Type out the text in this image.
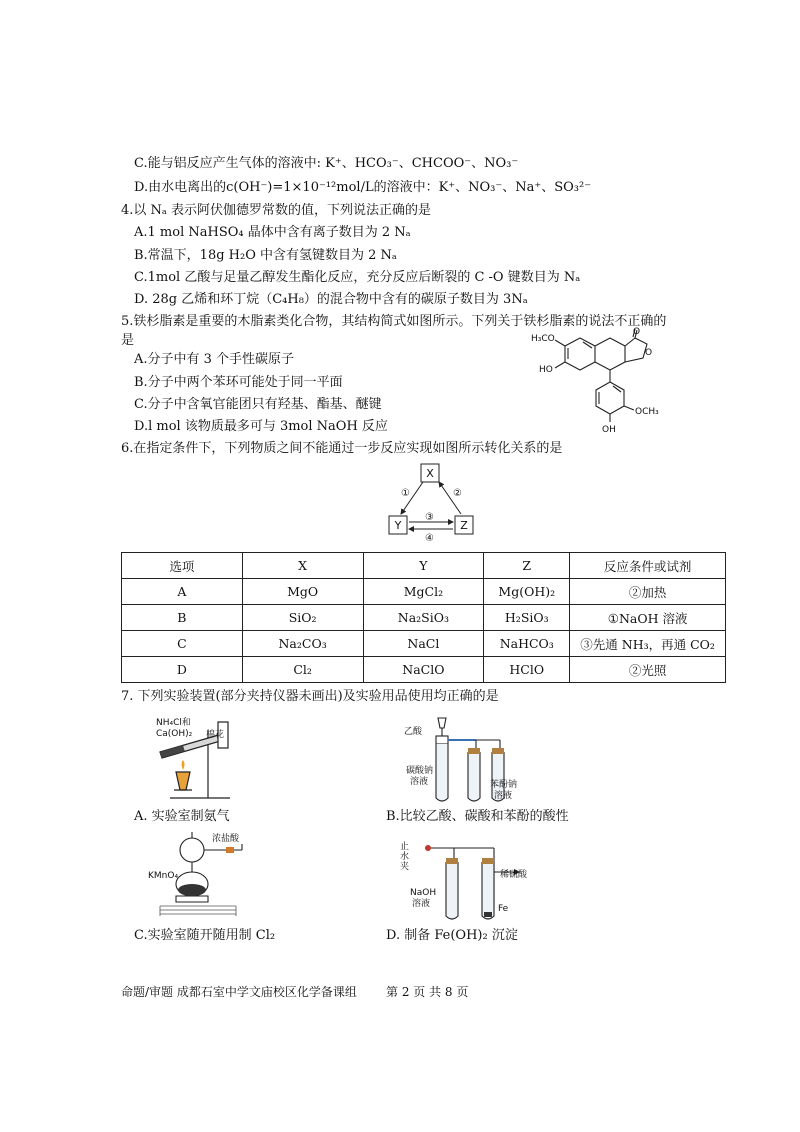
C.能与铝反应产生气体的溶液中: K⁺、HCO₃⁻、CHCOO⁻、NO₃⁻
D.由水电离出的c(OH⁻)=1×10⁻¹²mol/L的溶液中：K⁺、NO₃⁻、Na⁺、SO₃²⁻
4.以 Nₐ 表示阿伏伽德罗常数的值，下列说法正确的是
A.1 mol NaHSO₄ 晶体中含有离子数目为 2 Nₐ
B.常温下，18g H₂O 中含有氢键数目为 2 Nₐ
C.1mol 乙酸与足量乙醇发生酯化反应，充分反应后断裂的 C -O 键数目为 Nₐ
D. 28g 乙烯和环丁烷（C₄H₈）的混合物中含有的碳原子数目为 3Nₐ
5.铁杉脂素是重要的木脂素类化合物，其结构简式如图所示。下列关于铁杉脂素的说法不正确的
是
A.分子中有 3 个手性碳原子
B.分子中两个苯环可能处于同一平面
C.分子中含氧官能团只有羟基、酯基、醚键
D.l mol 该物质最多可与 3mol NaOH 反应
O
O
H₃CO
HO
OCH₃
OH
6.在指定条件下，下列物质之间不能通过一步反应实现如图所示转化关系的是
X
Y	Z
①	②
③
④
选项	X	Y	Z	反应条件或试剂
A	MgO	MgCl₂	Mg(OH)₂	②加热
B	SiO₂	Na₂SiO₃	H₂SiO₃	①NaOH 溶液
C	Na₂CO₃	NaCl	NaHCO₃	③先通 NH₃，再通 CO₂
D	Cl₂	NaClO	HClO	②光照
7. 下列实验装置(部分夹持仪器未画出)及实验用品使用均正确的是
NH₄Cl和
Ca(OH)₂ 棉花
A. 实验室制氨气
乙酸
碳酸钠
溶液	苯酚钠
溶液
B.比较乙酸、碳酸和苯酚的酸性
浓盐酸
KMnO₄
C.实验室随开随用制 Cl₂
止
水
夹
NaOH
溶液
稀硫酸
Fe
D. 制备 Fe(OH)₂ 沉淀
命题/审题 成都石室中学文庙校区化学备课组 第 2 页 共 8 页
